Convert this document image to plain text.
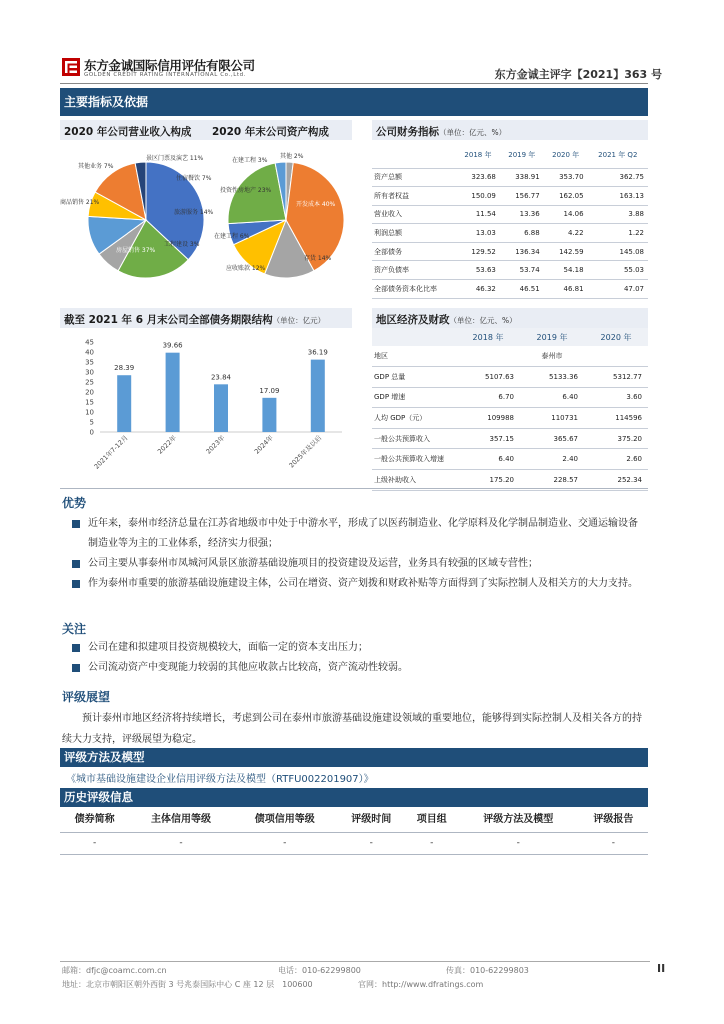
东方金诚国际信用评估有限公司
GOLDEN CREDIT RATING INTERNATIONAL Co.,Ltd.	东方金诚主评字【2021】363 号
主要指标及依据
2020 年公司营业收入构成 2020 年末公司资产构成
其他业务 7%
景区门票及演艺 11%
住宿餐饮 7%
商品销售 21%
旅游服务 14%
房屋销售 37%
工程建设 3%
其他 2%
在建工程 3%
投资性房地产 23%
开发成本 40%
在建工程 6%
应收账款 12%
存货 14%
公司财务指标（单位：亿元、%）
	2018 年	2019 年	2020 年	2021 年 Q2
资产总额	323.68	338.91	353.70	362.75
所有者权益	150.09	156.77	162.05	163.13
营业收入	11.54	13.36	14.06	3.88
利润总额	13.03	6.88	4.22	1.22
全部债务	129.52	136.34	142.59	145.08
资产负债率	53.63	53.74	54.18	55.03
全部债务资本化比率	46.32	46.51	46.81	47.07
截至 2021 年 6 月末公司全部债务期限结构（单位：亿元）
0
5
10
15
20
25
30
35
40
45
28.39
2021年7-12月
39.66
2022年
23.84
2023年
17.09
2024年
36.19
2025年及以后
地区经济及财政（单位：亿元、%）
	2018 年	2019 年	2020 年
地区	泰州市		
GDP 总量	5107.63	5133.36	5312.77
GDP 增速	6.70	6.40	3.60
人均 GDP（元）	109988	110731	114596
一般公共预算收入	357.15	365.67	375.20
一般公共预算收入增速	6.40	2.40	2.60
上级补助收入	175.20	228.57	252.34
优势
近年来，泰州市经济总量在江苏省地级市中处于中游水平，形成了以医药制造业、化学原料及化学制品制造业、交通运输设备制造业等为主的工业体系，经济实力很强；
公司主要从事泰州市凤城河风景区旅游基础设施项目的投资建设及运营，业务具有较强的区域专营性；
作为泰州市重要的旅游基础设施建设主体，公司在增资、资产划拨和财政补贴等方面得到了实际控制人及相关方的大力支持。
关注
公司在建和拟建项目投资规模较大，面临一定的资本支出压力；
公司流动资产中变现能力较弱的其他应收款占比较高，资产流动性较弱。
评级展望
预计泰州市地区经济将持续增长，考虑到公司在泰州市旅游基础设施建设领域的重要地位，能够得到实际控制人及相关各方的持续大力支持，评级展望为稳定。
评级方法及模型
《城市基础设施建设企业信用评级方法及模型（RTFU002201907）》
历史评级信息
债券简称	主体信用等级	债项信用等级	评级时间	项目组	评级方法及模型	评级报告
-	-	-	-	-	-	-
邮箱：dfjc@coamc.com.cn	电话：010-62299800	传真：010-62299803
地址：北京市朝阳区朝外西街 3 号兆泰国际中心 C 座 12 层　100600	官网：http://www.dfratings.com
II
